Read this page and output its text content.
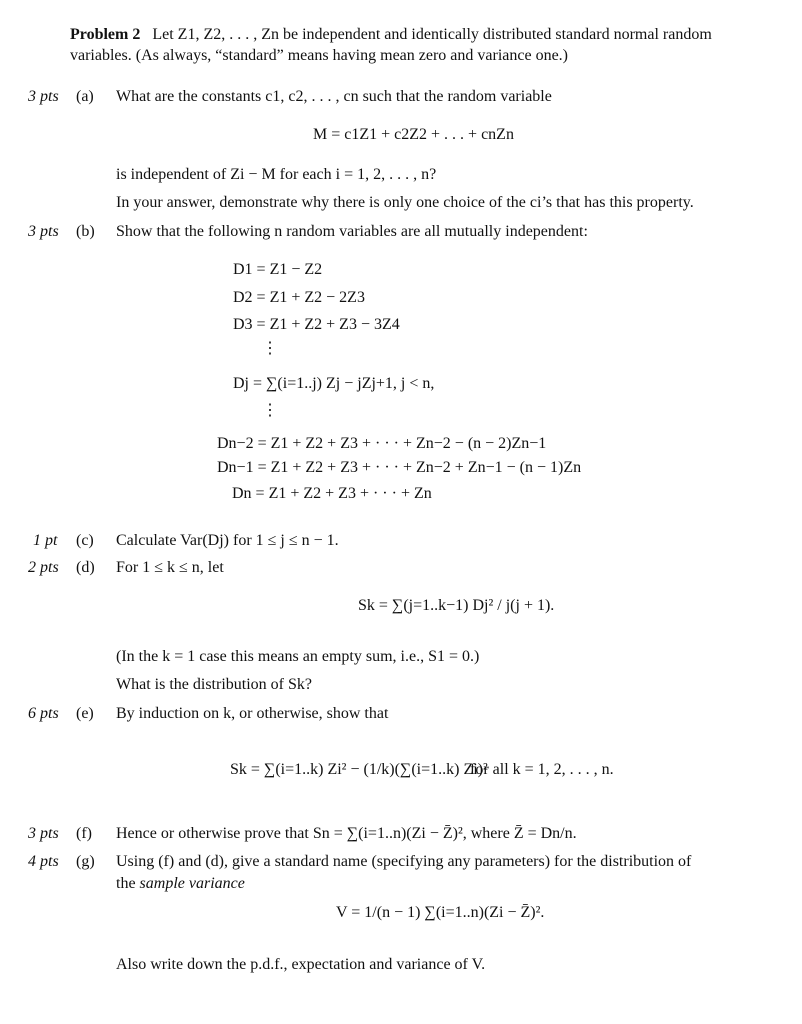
Problem 2 Let Z1, Z2, . . . , Zn be independent and identically distributed standard normal random
variables. (As always, “standard” means having mean zero and variance one.)
3 pts (a)
3 pts (b)
1 pt (c)
2 pts (d)
6 pts (e)
3 pts (f)
4 pts (g)
What are the constants c1, c2, . . . , cn such that the random variable
M = c1Z1 + c2Z2 + . . . + cnZn
is independent of Zi − M for each i = 1, 2, . . . , n?
In your answer, demonstrate why there is only one choice of the ci’s that has this property.
Show that the following n random variables are all mutually independent:
D1 = Z1 − Z2
D2 = Z1 + Z2 − 2Z3
D3 = Z1 + Z2 + Z3 − 3Z4
⋮
Dj = ∑(i=1..j) Zj − jZj+1, j < n,
⋮
Dn−2 = Z1 + Z2 + Z3 + · · · + Zn−2 − (n − 2)Zn−1
Dn−1 = Z1 + Z2 + Z3 + · · · + Zn−2 + Zn−1 − (n − 1)Zn
Dn = Z1 + Z2 + Z3 + · · · + Zn
Calculate Var(Dj) for 1 ≤ j ≤ n − 1.
For 1 ≤ k ≤ n, let
Sk = ∑(j=1..k−1) Dj² / j(j + 1).
(In the k = 1 case this means an empty sum, i.e., S1 = 0.)
What is the distribution of Sk?
By induction on k, or otherwise, show that
Sk = ∑(i=1..k) Zi² − (1/k)(∑(i=1..k) Zi)²
for all k = 1, 2, . . . , n.
Hence or otherwise prove that Sn = ∑(i=1..n)(Zi − Z̄)², where Z̄ = Dn/n.
Using (f) and (d), give a standard name (specifying any parameters) for the distribution of
the sample variance
V = 1/(n − 1) ∑(i=1..n)(Zi − Z̄)².
Also write down the p.d.f., expectation and variance of V.
